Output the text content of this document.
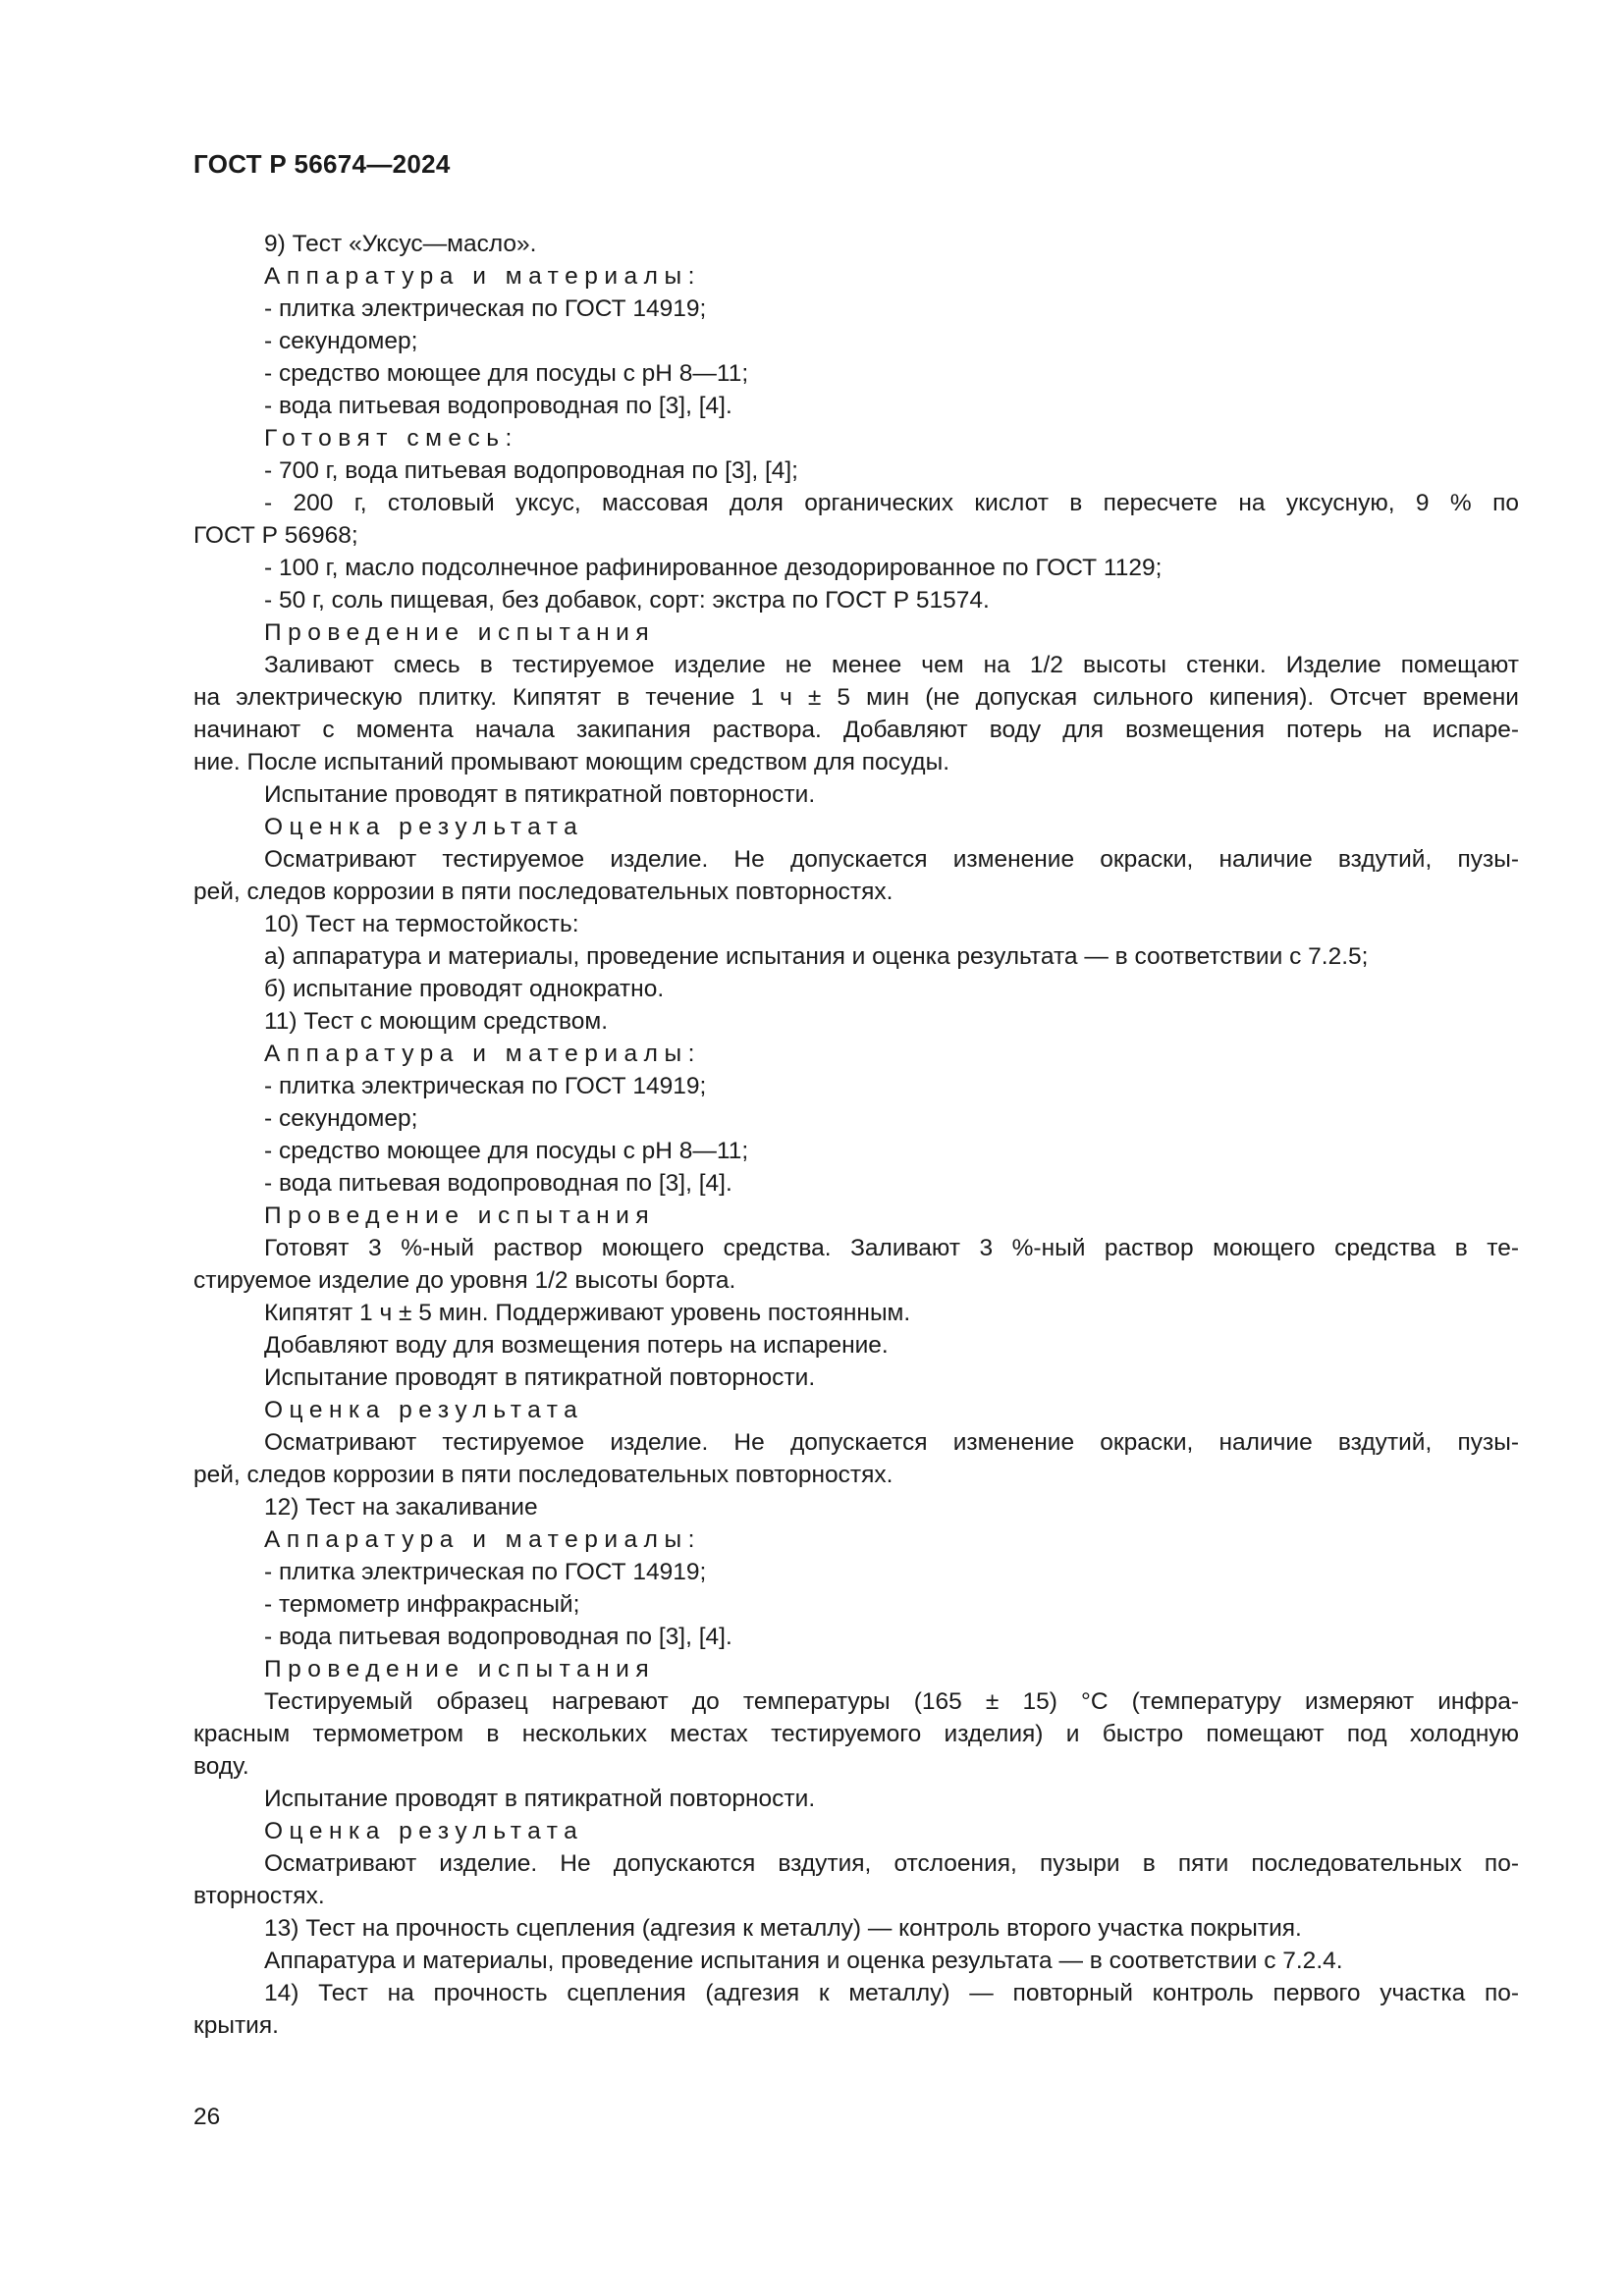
ГОСТ Р 56674—2024
9) Тест «Уксус—масло».
Аппаратура и материалы:
- плитка электрическая по ГОСТ 14919;
- секундомер;
- средство моющее для посуды с pH 8—11;
- вода питьевая водопроводная по [3], [4].
Готовят смесь:
- 700 г, вода питьевая водопроводная по [3], [4];
- 200 г, столовый уксус, массовая доля органических кислот в пересчете на уксусную, 9 % по
ГОСТ Р 56968;
- 100 г, масло подсолнечное рафинированное дезодорированное по ГОСТ 1129;
- 50 г, соль пищевая, без добавок, сорт: экстра по ГОСТ Р 51574.
Проведение испытания
Заливают смесь в тестируемое изделие не менее чем на 1/2 высоты стенки. Изделие помещают
на электрическую плитку. Кипятят в течение 1 ч ± 5 мин (не допуская сильного кипения). Отсчет времени
начинают с момента начала закипания раствора. Добавляют воду для возмещения потерь на испаре-
ние. После испытаний промывают моющим средством для посуды.
Испытание проводят в пятикратной повторности.
Оценка результата
Осматривают тестируемое изделие. Не допускается изменение окраски, наличие вздутий, пузы-
рей, следов коррозии в пяти последовательных повторностях.
10) Тест на термостойкость:
а) аппаратура и материалы, проведение испытания и оценка результата — в соответствии с 7.2.5;
б) испытание проводят однократно.
11) Тест с моющим средством.
Аппаратура и материалы:
- плитка электрическая по ГОСТ 14919;
- секундомер;
- средство моющее для посуды с pH 8—11;
- вода питьевая водопроводная по [3], [4].
Проведение испытания
Готовят 3 %-ный раствор моющего средства. Заливают 3 %-ный раствор моющего средства в те-
стируемое изделие до уровня 1/2 высоты борта.
Кипятят 1 ч ± 5 мин. Поддерживают уровень постоянным.
Добавляют воду для возмещения потерь на испарение.
Испытание проводят в пятикратной повторности.
Оценка результата
Осматривают тестируемое изделие. Не допускается изменение окраски, наличие вздутий, пузы-
рей, следов коррозии в пяти последовательных повторностях.
12) Тест на закаливание
Аппаратура и материалы:
- плитка электрическая по ГОСТ 14919;
- термометр инфракрасный;
- вода питьевая водопроводная по [3], [4].
Проведение испытания
Тестируемый образец нагревают до температуры (165 ± 15) °С (температуру измеряют инфра-
красным термометром в нескольких местах тестируемого изделия) и быстро помещают под холодную
воду.
Испытание проводят в пятикратной повторности.
Оценка результата
Осматривают изделие. Не допускаются вздутия, отслоения, пузыри в пяти последовательных по-
вторностях.
13) Тест на прочность сцепления (адгезия к металлу) — контроль второго участка покрытия.
Аппаратура и материалы, проведение испытания и оценка результата — в соответствии с 7.2.4.
14) Тест на прочность сцепления (адгезия к металлу) — повторный контроль первого участка по-
крытия.
26
